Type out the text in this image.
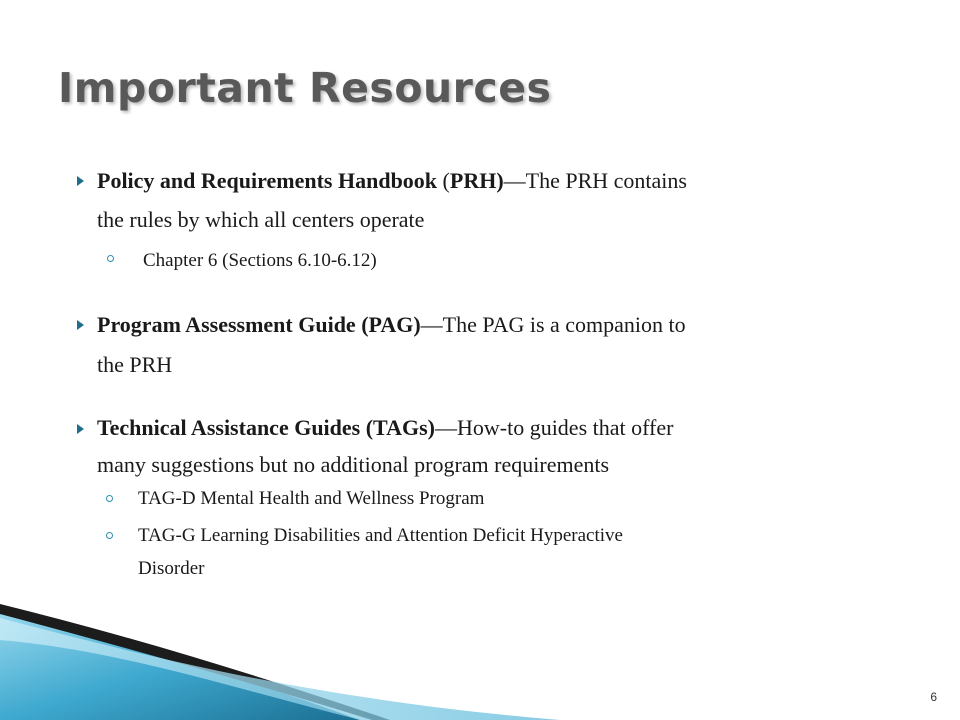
Important Resources
Policy and Requirements Handbook (PRH)—The PRH contains
the rules by which all centers operate
Chapter 6 (Sections 6.10-6.12)
Program Assessment Guide (PAG)—The PAG is a companion to
the PRH
Technical Assistance Guides (TAGs)—How-to guides that offer
many suggestions but no additional program requirements
TAG-D Mental Health and Wellness Program
TAG-G Learning Disabilities and Attention Deficit Hyperactive
Disorder
6
